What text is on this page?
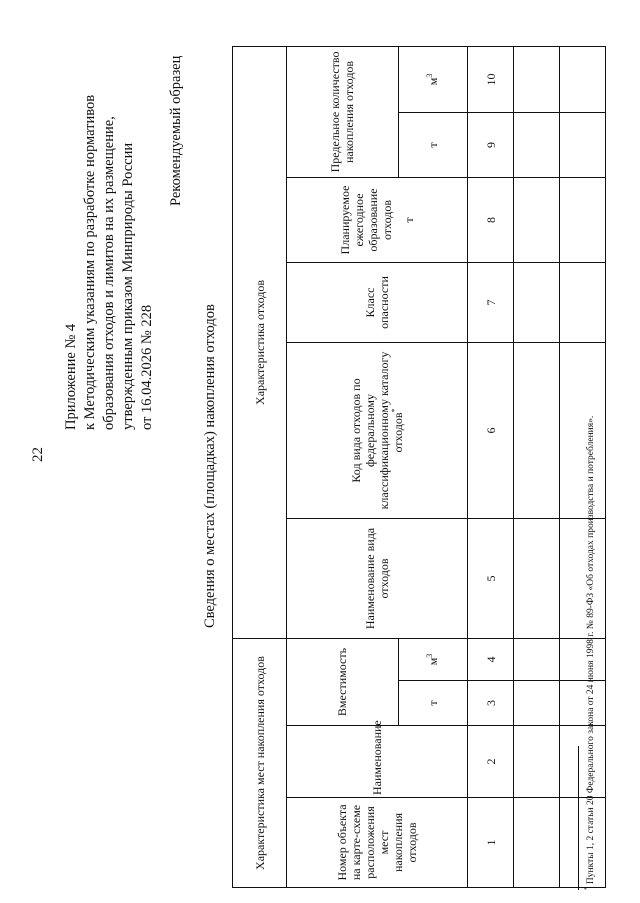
22
Приложение № 4 к Методическим указаниям по разработке нормативов образования отходов и лимитов на их размещение, утвержденным приказом Минприроды России от 16.04.2026 № 228
Рекомендуемый образец
Сведения о местах (площадках) накопления отходов
Характеристика мест накопления отходов				Характеристика отходов					
Номер объекта на карте-схеме расположения мест накопления отходов	Наименование	Вместимость		Наименование вида отходов	Код вида отходов по федеральному классификационному каталогу отходов*	Класс опасности	Планируемое ежегодное образование отходов т	Предельное количество накопления отходов	
		т	$м^3$					т	$м^3$
1	2	3	4	5	6	7	8	9	10

* Пункты 1, 2 статьи 20 Федерального закона от 24 июня 1998 г. № 89-ФЗ «Об отходах производства и потребления».
